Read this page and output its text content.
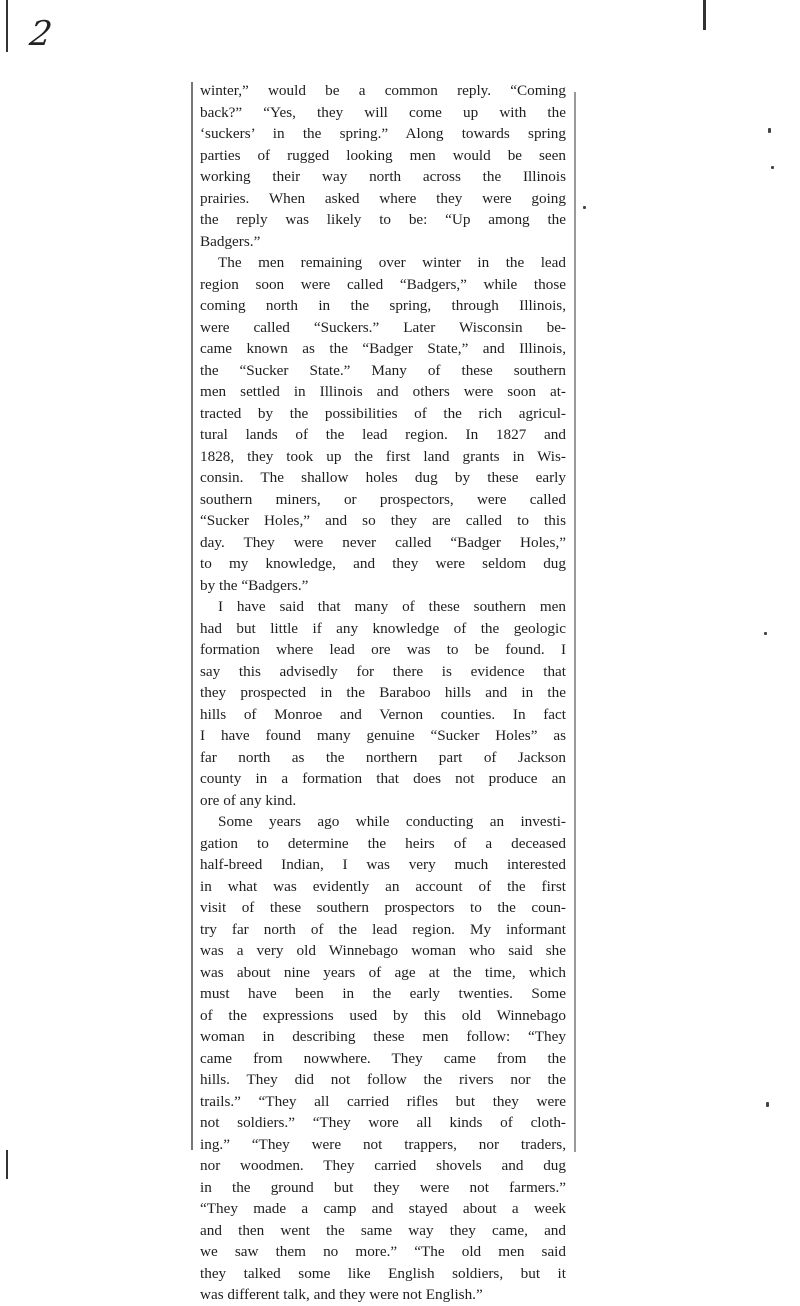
2
winter,” would be a common reply. “Coming
back?” “Yes, they will come up with the
‘suckers’ in the spring.” Along towards spring
parties of rugged looking men would be seen
working their way north across the Illinois
prairies. When asked where they were going
the reply was likely to be: “Up among the
Badgers.”
The men remaining over winter in the lead
region soon were called “Badgers,” while those
coming north in the spring, through Illinois,
were called “Suckers.” Later Wisconsin be-
came known as the “Badger State,” and Illinois,
the “Sucker State.” Many of these southern
men settled in Illinois and others were soon at-
tracted by the possibilities of the rich agricul-
tural lands of the lead region. In 1827 and
1828, they took up the first land grants in Wis-
consin. The shallow holes dug by these early
southern miners, or prospectors, were called
“Sucker Holes,” and so they are called to this
day. They were never called “Badger Holes,”
to my knowledge, and they were seldom dug
by the “Badgers.”
I have said that many of these southern men
had but little if any knowledge of the geologic
formation where lead ore was to be found. I
say this advisedly for there is evidence that
they prospected in the Baraboo hills and in the
hills of Monroe and Vernon counties. In fact
I have found many genuine “Sucker Holes” as
far north as the northern part of Jackson
county in a formation that does not produce an
ore of any kind.
Some years ago while conducting an investi-
gation to determine the heirs of a deceased
half-breed Indian, I was very much interested
in what was evidently an account of the first
visit of these southern prospectors to the coun-
try far north of the lead region. My informant
was a very old Winnebago woman who said she
was about nine years of age at the time, which
must have been in the early twenties. Some
of the expressions used by this old Winnebago
woman in describing these men follow: “They
came from nowwhere. They came from the
hills. They did not follow the rivers nor the
trails.” “They all carried rifles but they were
not soldiers.” “They wore all kinds of cloth-
ing.” “They were not trappers, nor traders,
nor woodmen. They carried shovels and dug
in the ground but they were not farmers.”
“They made a camp and stayed about a week
and then went the same way they came, and
we saw them no more.” “The old men said
they talked some like English soldiers, but it
was different talk, and they were not English.”
